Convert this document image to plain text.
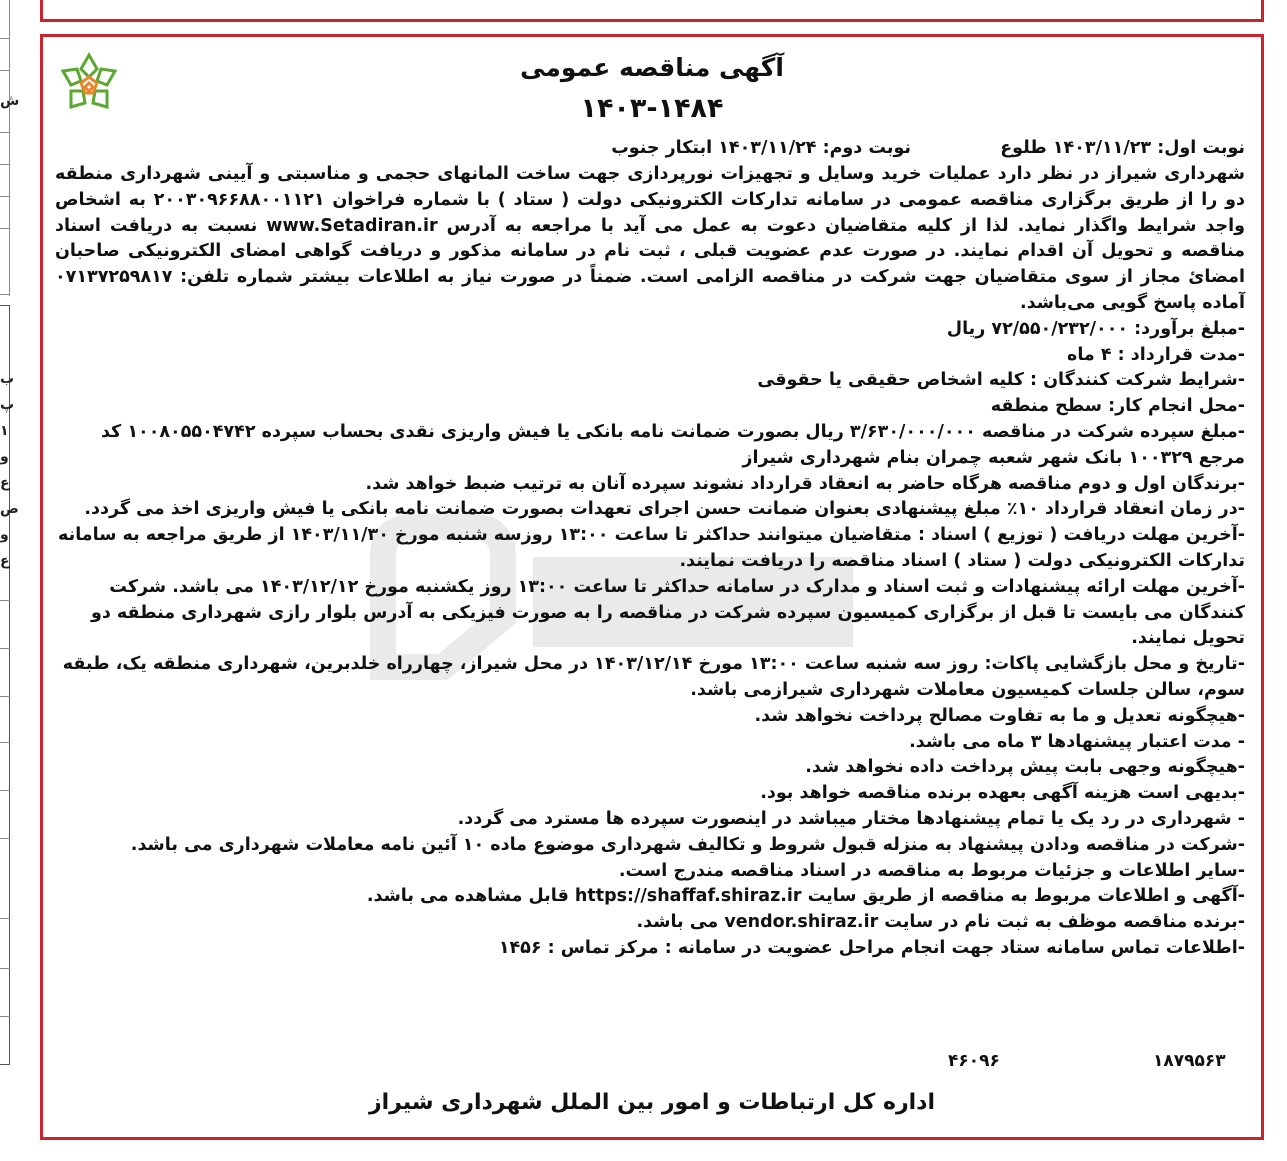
ش
ب
پ
۱
و
ع
ص
و
ع
آگهی مناقصه عمومی
۱۴۰۳-۱۴۸۴
نوبت اول: ۱۴۰۳/۱۱/۲۳ طلوع
نوبت دوم: ۱۴۰۳/۱۱/۲۴ ابتکار جنوب

شهرداری شیراز در نظر دارد عملیات خرید وسایل و تجهیزات نورپردازی جهت ساخت المانهای حجمی و مناسبتی و آیینی شهرداری منطقه دو را از طریق برگزاری مناقصه عمومی در سامانه تدارکات الکترونیکی دولت ( ستاد ) با شماره فراخوان ۲۰۰۳۰۹۶۶۸۸۰۰۱۱۲۱ به اشخاص واجد شرایط واگذار نماید. لذا از کلیه متقاضیان دعوت به عمل می آید با مراجعه به آدرس www.Setadiran.ir نسبت به دریافت اسناد مناقصه و تحویل آن اقدام نمایند. در صورت عدم عضویت قبلی ، ثبت نام در سامانه مذکور و دریافت گواهی امضای الکترونیکی صاحبان امضائ مجاز از سوی متقاضیان جهت شرکت در مناقصه الزامی است. ضمناً در صورت نیاز به اطلاعات بیشتر شماره تلفن: ۰۷۱۳۷۲۵۹۸۱۷ آماده پاسخ گویی می‌باشد.

-مبلغ برآورد: ۷۲/۵۵۰/۲۳۲/۰۰۰ ریال

-مدت قرارداد : ۴ ماه

-شرایط شرکت کنندگان : کلیه اشخاص حقیقی یا حقوقی

-محل انجام کار: سطح منطقه

-مبلغ سپرده شرکت در مناقصه ۳/۶۳۰/۰۰۰/۰۰۰ ریال بصورت ضمانت نامه بانکی یا فیش واریزی نقدی بحساب سپرده ۱۰۰۸۰۵۵۰۴۷۴۲ کد مرجع ۱۰۰۳۲۹ بانک شهر شعبه چمران بنام شهرداری شیراز

-برندگان اول و دوم مناقصه هرگاه حاضر به انعقاد قرارداد نشوند سپرده آنان به ترتیب ضبط خواهد شد.

-در زمان انعقاد قرارداد ۱۰٪ مبلغ پیشنهادی بعنوان ضمانت حسن اجرای تعهدات بصورت ضمانت نامه بانکی یا فیش واریزی اخذ می گردد.

-آخرین مهلت دریافت ( توزیع ) اسناد : متقاضیان میتوانند حداکثر تا ساعت ۱۳:۰۰ روزسه شنبه مورخ ۱۴۰۳/۱۱/۳۰ از طریق مراجعه به سامانه تدارکات الکترونیکی دولت ( ستاد ) اسناد مناقصه را دریافت نمایند.

-آخرین مهلت ارائه پیشنهادات و ثبت اسناد و مدارک در سامانه حداکثر تا ساعت ۱۳:۰۰ روز یکشنبه مورخ ۱۴۰۳/۱۲/۱۲ می باشد. شرکت کنندگان می بایست تا قبل از برگزاری کمیسیون سپرده شرکت در مناقصه را به صورت فیزیکی به آدرس بلوار رازی شهرداری منطقه دو تحویل نمایند.

-تاریخ و محل بازگشایی پاکات: روز سه شنبه ساعت ۱۳:۰۰ مورخ ۱۴۰۳/۱۲/۱۴ در محل شیراز، چهارراه خلدبرین، شهرداری منطقه یک، طبقه سوم، سالن جلسات کمیسیون معاملات شهرداری شیرازمی باشد.

-هیچگونه تعدیل و ما به تفاوت مصالح پرداخت نخواهد شد.

- مدت اعتبار پیشنهادها ۳ ماه می باشد.

-هیچگونه وجهی بابت پیش پرداخت داده نخواهد شد.

-بدیهی است هزینه آگهی بعهده برنده مناقصه خواهد بود.

- شهرداری در رد یک یا تمام پیشنهادها مختار میباشد در اینصورت سپرده ها مسترد می گردد.

-شرکت در مناقصه ودادن پیشنهاد به منزله قبول شروط و تکالیف شهرداری موضوع ماده ۱۰ آئین نامه معاملات شهرداری می باشد.

-سایر اطلاعات و جزئیات مربوط به مناقصه در اسناد مناقصه مندرج است.

-آگهی و اطلاعات مربوط به مناقصه از طریق سایت https://shaffaf.shiraz.ir قابل مشاهده می باشد.

-برنده مناقصه موظف به ثبت نام در سایت vendor.shiraz.ir می باشد.

-اطلاعات تماس سامانه ستاد جهت انجام مراحل عضویت در سامانه : مرکز تماس : ۱۴۵۶

۱۸۷۹۵۶۳
۴۶۰۹۶
اداره کل ارتباطات و امور بین الملل شهرداری شیراز
